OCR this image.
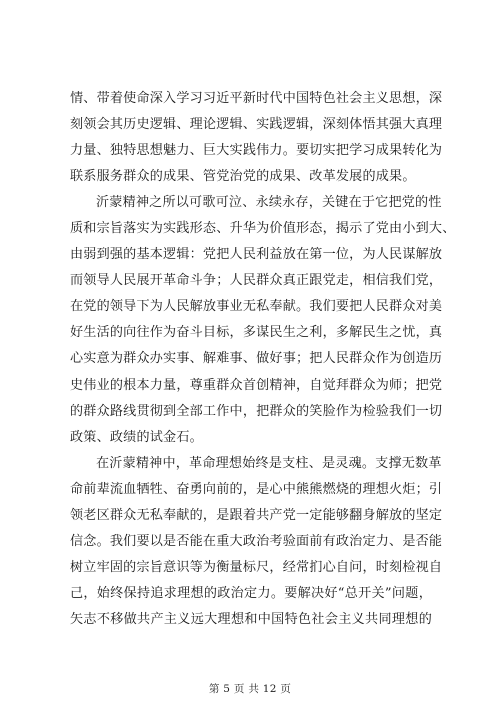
情、带着使命深入学习习近平新时代中国特色社会主义思想，深
刻领会其历史逻辑、理论逻辑、实践逻辑，深刻体悟其强大真理
力量、独特思想魅力、巨大实践伟力。要切实把学习成果转化为
联系服务群众的成果、管党治党的成果、改革发展的成果。
沂蒙精神之所以可歌可泣、永续永存，关键在于它把党的性
质和宗旨落实为实践形态、升华为价值形态，揭示了党由小到大、
由弱到强的基本逻辑：党把人民利益放在第一位，为人民谋解放
而领导人民展开革命斗争；人民群众真正跟党走，相信我们党，
在党的领导下为人民解放事业无私奉献。我们要把人民群众对美
好生活的向往作为奋斗目标，多谋民生之利，多解民生之忧，真
心实意为群众办实事、解难事、做好事；把人民群众作为创造历
史伟业的根本力量，尊重群众首创精神，自觉拜群众为师；把党
的群众路线贯彻到全部工作中，把群众的笑脸作为检验我们一切
政策、政绩的试金石。
在沂蒙精神中，革命理想始终是支柱、是灵魂。支撑无数革
命前辈流血牺牲、奋勇向前的，是心中熊熊燃烧的理想火炬；引
领老区群众无私奉献的，是跟着共产党一定能够翻身解放的坚定
信念。我们要以是否能在重大政治考验面前有政治定力、是否能
树立牢固的宗旨意识等为衡量标尺，经常扪心自问，时刻检视自
己，始终保持追求理想的政治定力。要解决好“总开关”问题，
矢志不移做共产主义远大理想和中国特色社会主义共同理想的
第 5 页 共 12 页
